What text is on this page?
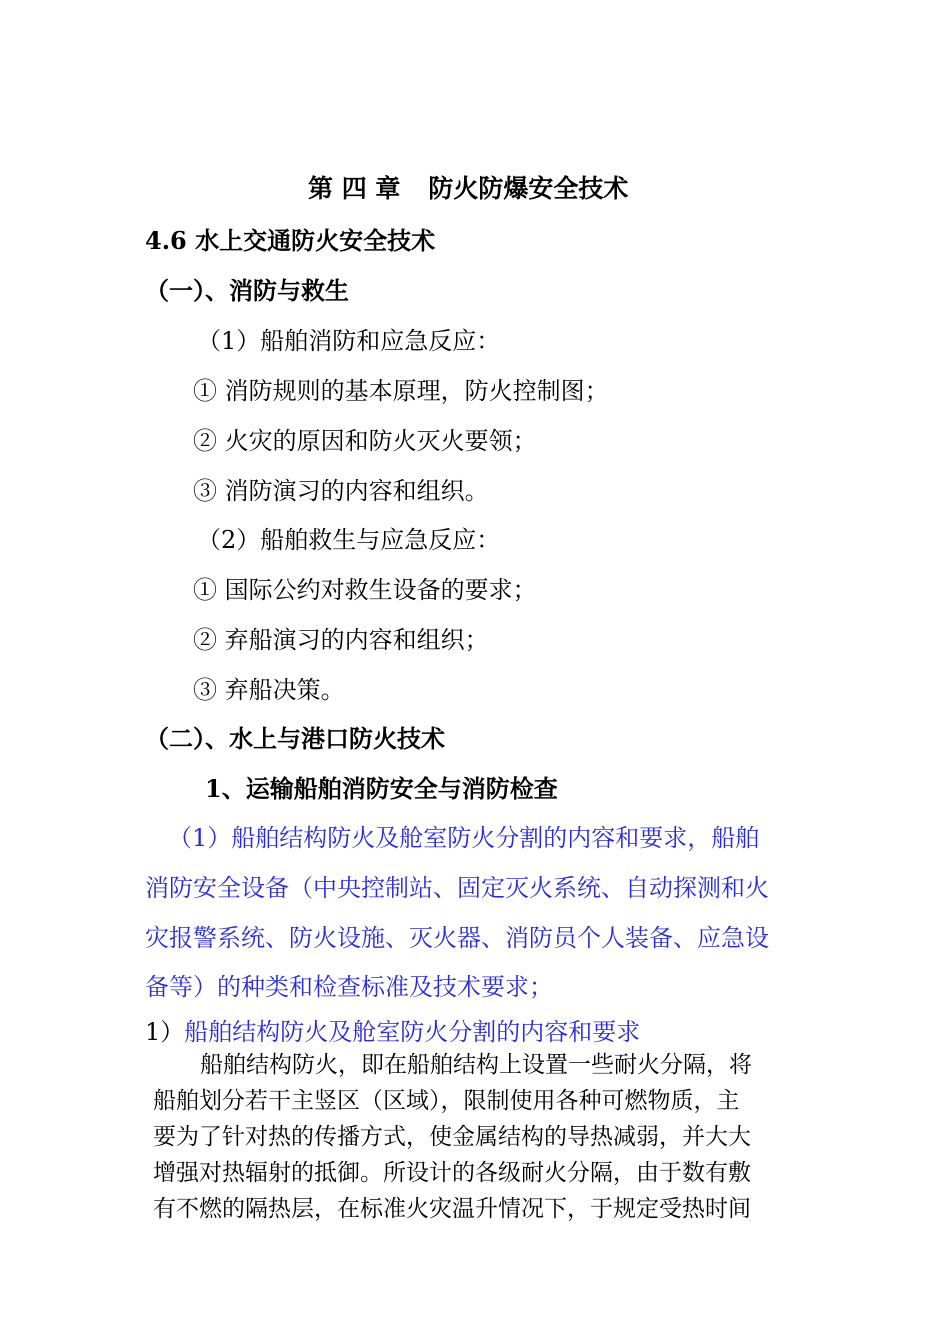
第 四 章 防火防爆安全技术
4.6 水上交通防火安全技术
（一）、消防与救生
（1）船舶消防和应急反应：
① 消防规则的基本原理，防火控制图；
② 火灾的原因和防火灭火要领；
③ 消防演习的内容和组织。
（2）船舶救生与应急反应：
① 国际公约对救生设备的要求；
② 弃船演习的内容和组织；
③ 弃船决策。
（二）、水上与港口防火技术
1、运输船舶消防安全与消防检查
（1）船舶结构防火及舱室防火分割的内容和要求，船舶
消防安全设备（中央控制站、固定灭火系统、自动探测和火
灾报警系统、防火设施、灭火器、消防员个人装备、应急设
备等）的种类和检查标准及技术要求；
1）船舶结构防火及舱室防火分割的内容和要求
船舶结构防火，即在船舶结构上设置一些耐火分隔，将
船舶划分若干主竖区（区域），限制使用各种可燃物质，主
要为了针对热的传播方式，使金属结构的导热减弱，并大大
增强对热辐射的抵御。所设计的各级耐火分隔，由于数有敷
有不燃的隔热层，在标准火灾温升情况下，于规定受热时间
